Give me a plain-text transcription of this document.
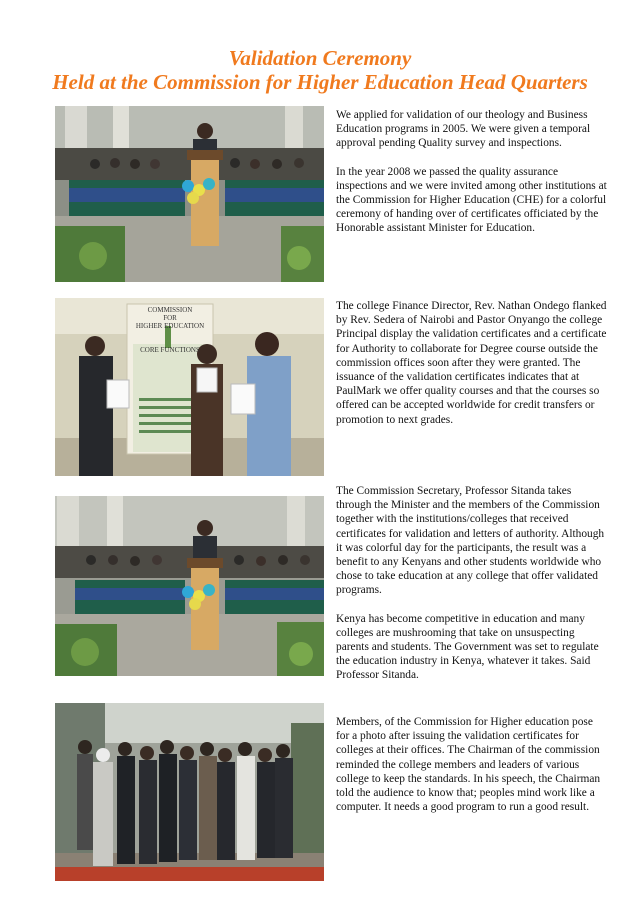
Validation Ceremony
Held at the Commission for Higher Education Head Quarters

We applied for validation of our theology and Business Education programs in 2005. We were given a temporal approval pending Quality survey and inspections.

In the year 2008 we passed the quality assurance inspections and we were invited among other institutions at the Commission for Higher Education (CHE) for a colorful ceremony of handing over of certificates officiated by the Honorable assistant Minister for Education.

COMMISSION
FOR
HIGHER EDUCATION
CORE FUNCTIONS

The college Finance Director, Rev. Nathan Ondego flanked by Rev. Sedera of Nairobi and Pastor Onyango the college Principal display the validation certificates and a certificate for Authority to collaborate for Degree course outside the commission offices soon after they were granted. The issuance of the validation certificates indicates that at PaulMark we offer quality courses and that the courses so offered can be accepted worldwide for credit transfers or promotion to next grades.

The Commission Secretary, Professor Sitanda takes through the Minister and the members of the Commission together with the institutions/colleges that received certificates for validation and letters of authority. Although it was colorful day for the participants, the result was a benefit to any Kenyans and other students worldwide who chose to take education at any college that offer validated programs.

Kenya has become competitive in education and many colleges are mushrooming that take on unsuspecting parents and students. The Government was set to regulate the education industry in Kenya, whatever it takes. Said Professor Sitanda.

Members, of the Commission for Higher education pose for a photo after issuing the validation certificates for colleges at their offices. The Chairman of the commission reminded the college members and leaders of various college to keep the standards. In his speech, the Chairman told the audience to know that; peoples mind work like a computer. It needs a good program to run a good result.
